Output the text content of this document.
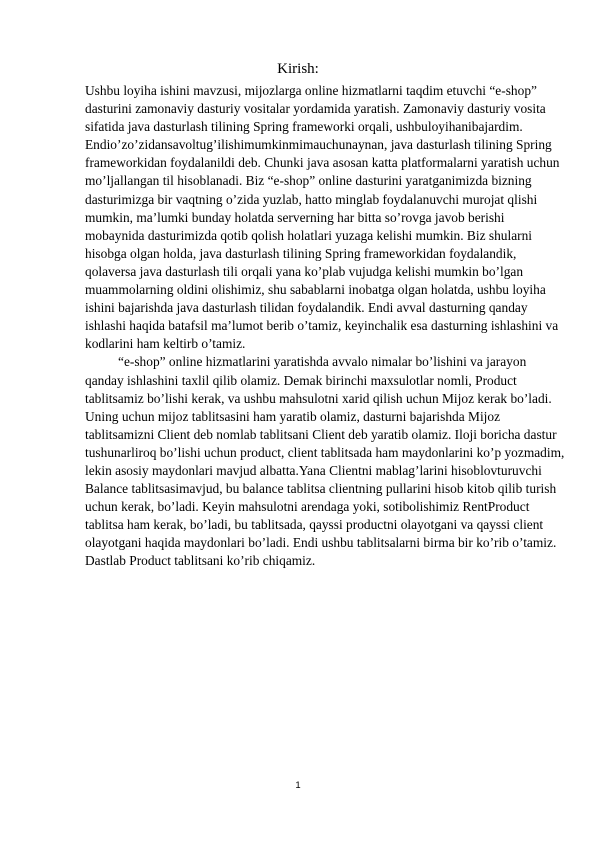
Kirish:

Ushbu loyiha ishini mavzusi, mijozlarga online hizmatlarni taqdim etuvchi “e-shop” dasturini zamonaviy dasturiy vositalar yordamida yaratish. Zamonaviy dasturiy vosita sifatida java dasturlash tilining Spring frameworki orqali, ushbuloyihanibajardim. Endio’zo’zidansavoltug’ilishimumkinmimauchunaynan, java dasturlash tilining Spring frameworkidan foydalanildi deb. Chunki java asosan katta platformalarni yaratish uchun mo’ljallangan til hisoblanadi. Biz “e-shop” online dasturini yaratganimizda bizning dasturimizga bir vaqtning o’zida yuzlab, hatto minglab foydalanuvchi murojat qlishi mumkin, ma’lumki bunday holatda serverning har bitta so’rovga javob berishi mobaynida dasturimizda qotib qolish holatlari yuzaga kelishi mumkin. Biz shularni hisobga olgan holda, java dasturlash tilining Spring frameworkidan foydalandik, qolaversa java dasturlash tili orqali yana ko’plab vujudga kelishi mumkin bo’lgan muammolarning oldini olishimiz, shu sabablarni inobatga olgan holatda, ushbu loyiha ishini bajarishda java dasturlash tilidan foydalandik. Endi avval dasturning qanday ishlashi haqida batafsil ma’lumot berib o’tamiz, keyinchalik esa dasturning ishlashini va kodlarini ham keltirb o’tamiz.

“e-shop” online hizmatlarini yaratishda avvalo nimalar bo’lishini va jarayon qanday ishlashini taxlil qilib olamiz. Demak birinchi maxsulotlar nomli, Product tablitsamiz bo’lishi kerak, va ushbu mahsulotni xarid qilish uchun Mijoz kerak bo’ladi. Uning uchun mijoz tablitsasini ham yaratib olamiz, dasturni bajarishda Mijoz tablitsamizni Client deb nomlab tablitsani Client deb yaratib olamiz. Iloji boricha dastur tushunarliroq bo’lishi uchun product, client tablitsada ham maydonlarini ko’p yozmadim, lekin asosiy maydonlari mavjud albatta.Yana Clientni mablag’larini hisoblovturuvchi Balance tablitsasimavjud, bu balance tablitsa clientning pullarini hisob kitob qilib turish uchun kerak, bo’ladi. Keyin mahsulotni arendaga yoki, sotibolishimiz RentProduct tablitsa ham kerak, bo’ladi, bu tablitsada, qayssi productni olayotgani va qayssi client olayotgani haqida maydonlari bo’ladi. Endi ushbu tablitsalarni birma bir ko’rib o’tamiz. Dastlab Product tablitsani ko’rib chiqamiz.

1
